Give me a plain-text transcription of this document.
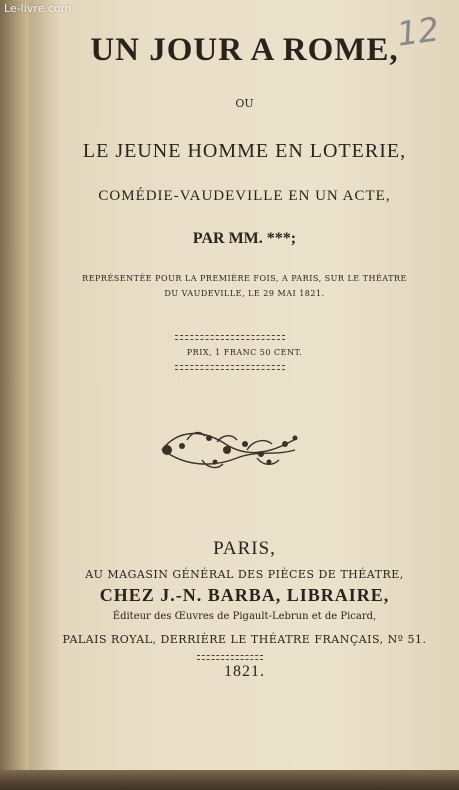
Le-livre.com
12
UN JOUR A ROME,
OU
LE JEUNE HOMME EN LOTERIE,
COMÉDIE-VAUDEVILLE EN UN ACTE,
PAR MM. ***;
REPRÉSENTÉE POUR LA PREMIÈRE FOIS, A PARIS, SUR LE THÉATRE
DU VAUDEVILLE, LE 29 MAI 1821.
PRIX, 1 FRANC 50 CENT.
PARIS,
AU MAGASIN GÉNÉRAL DES PIÈCES DE THÉATRE,
CHEZ J.-N. BARBA, LIBRAIRE,
Éditeur des Œuvres de Pigault-Lebrun et de Picard,
PALAIS ROYAL, DERRIÈRE LE THÉATRE FRANÇAIS, Nº 51.
1821.
